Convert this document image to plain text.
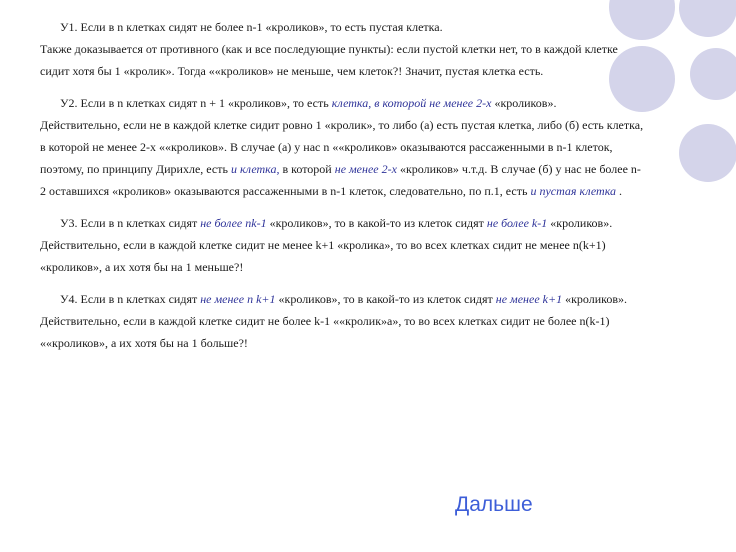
У1. Если в n клетках сидят не более n-1 «кроликов», то есть пустая клетка.
Также доказывается от противного (как и все последующие пункты): если пустой клетки нет, то в каждой клетке
сидит хотя бы 1 «кролик». Тогда ««кроликов» не меньше, чем клеток?! Значит, пустая клетка есть.
У2. Если в n клетках сидят n + 1 «кроликов», то есть клетка, в которой не менее 2-х «кроликов».
Действительно, если не в каждой клетке сидит ровно 1 «кролик», то либо (а) есть пустая клетка, либо (б) есть клетка,
в которой не менее 2-х ««кроликов». В случае (а) у нас n ««кроликов» оказываются рассаженными в n-1 клеток,
поэтому, по принципу Дирихле, есть и клетка, в которой не менее 2-х «кроликов» ч.т.д. В случае (б) у нас не более n-
2 оставшихся «кроликов» оказываются рассаженными в n-1 клеток, следовательно, по п.1, есть и пустая клетка .
У3. Если в n клетках сидят не более nk-1 «кроликов», то в какой-то из клеток сидят не более k-1 «кроликов».
Действительно, если в каждой клетке сидит не менее k+1 «кролика», то во всех клетках сидит не менее n(k+1)
«кроликов», а их хотя бы на 1 меньше?!
У4. Если в n клетках сидят не менее n k+1 «кроликов», то в какой-то из клеток сидят не менее k+1 «кроликов».
Действительно, если в каждой клетке сидит не более k-1 ««кролик»а», то во всех клетках сидит не более n(k-1)
««кроликов», а их хотя бы на 1 больше?!
Дальше
